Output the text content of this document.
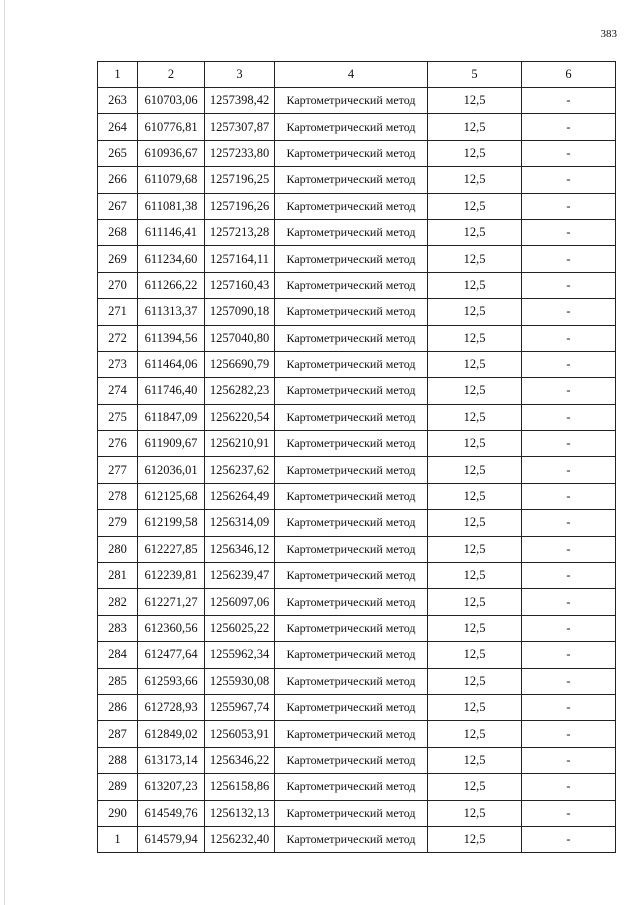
383
1	2	3	4	5	6
263	610703,06	1257398,42	Картометрический метод	12,5	-
264	610776,81	1257307,87	Картометрический метод	12,5	-
265	610936,67	1257233,80	Картометрический метод	12,5	-
266	611079,68	1257196,25	Картометрический метод	12,5	-
267	611081,38	1257196,26	Картометрический метод	12,5	-
268	611146,41	1257213,28	Картометрический метод	12,5	-
269	611234,60	1257164,11	Картометрический метод	12,5	-
270	611266,22	1257160,43	Картометрический метод	12,5	-
271	611313,37	1257090,18	Картометрический метод	12,5	-
272	611394,56	1257040,80	Картометрический метод	12,5	-
273	611464,06	1256690,79	Картометрический метод	12,5	-
274	611746,40	1256282,23	Картометрический метод	12,5	-
275	611847,09	1256220,54	Картометрический метод	12,5	-
276	611909,67	1256210,91	Картометрический метод	12,5	-
277	612036,01	1256237,62	Картометрический метод	12,5	-
278	612125,68	1256264,49	Картометрический метод	12,5	-
279	612199,58	1256314,09	Картометрический метод	12,5	-
280	612227,85	1256346,12	Картометрический метод	12,5	-
281	612239,81	1256239,47	Картометрический метод	12,5	-
282	612271,27	1256097,06	Картометрический метод	12,5	-
283	612360,56	1256025,22	Картометрический метод	12,5	-
284	612477,64	1255962,34	Картометрический метод	12,5	-
285	612593,66	1255930,08	Картометрический метод	12,5	-
286	612728,93	1255967,74	Картометрический метод	12,5	-
287	612849,02	1256053,91	Картометрический метод	12,5	-
288	613173,14	1256346,22	Картометрический метод	12,5	-
289	613207,23	1256158,86	Картометрический метод	12,5	-
290	614549,76	1256132,13	Картометрический метод	12,5	-
1	614579,94	1256232,40	Картометрический метод	12,5	-
